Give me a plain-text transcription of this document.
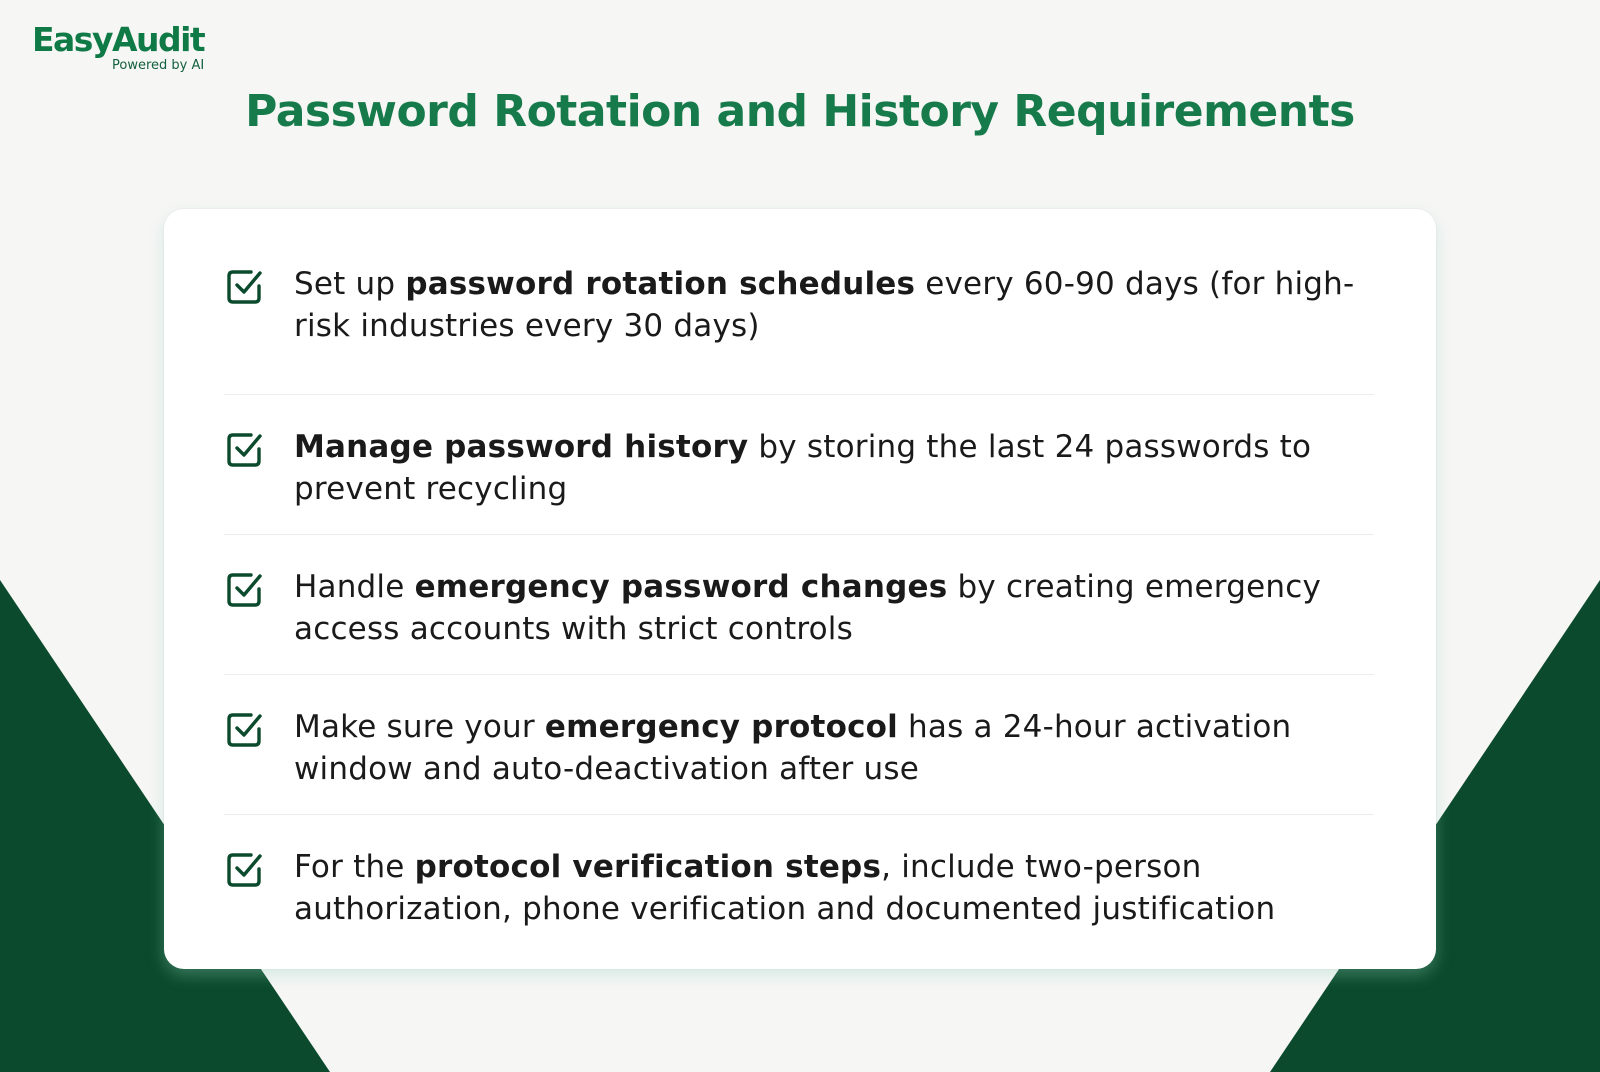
EasyAudit
Powered by AI
Password Rotation and History Requirements

Set up password rotation schedules every 60-90 days (for high-risk industries every 30 days)

Manage password history by storing the last 24 passwords to prevent recycling

Handle emergency password changes by creating emergency access accounts with strict controls

Make sure your emergency protocol has a 24-hour activation window and auto-deactivation after use

For the protocol verification steps, include two-person authorization, phone verification and documented justification
